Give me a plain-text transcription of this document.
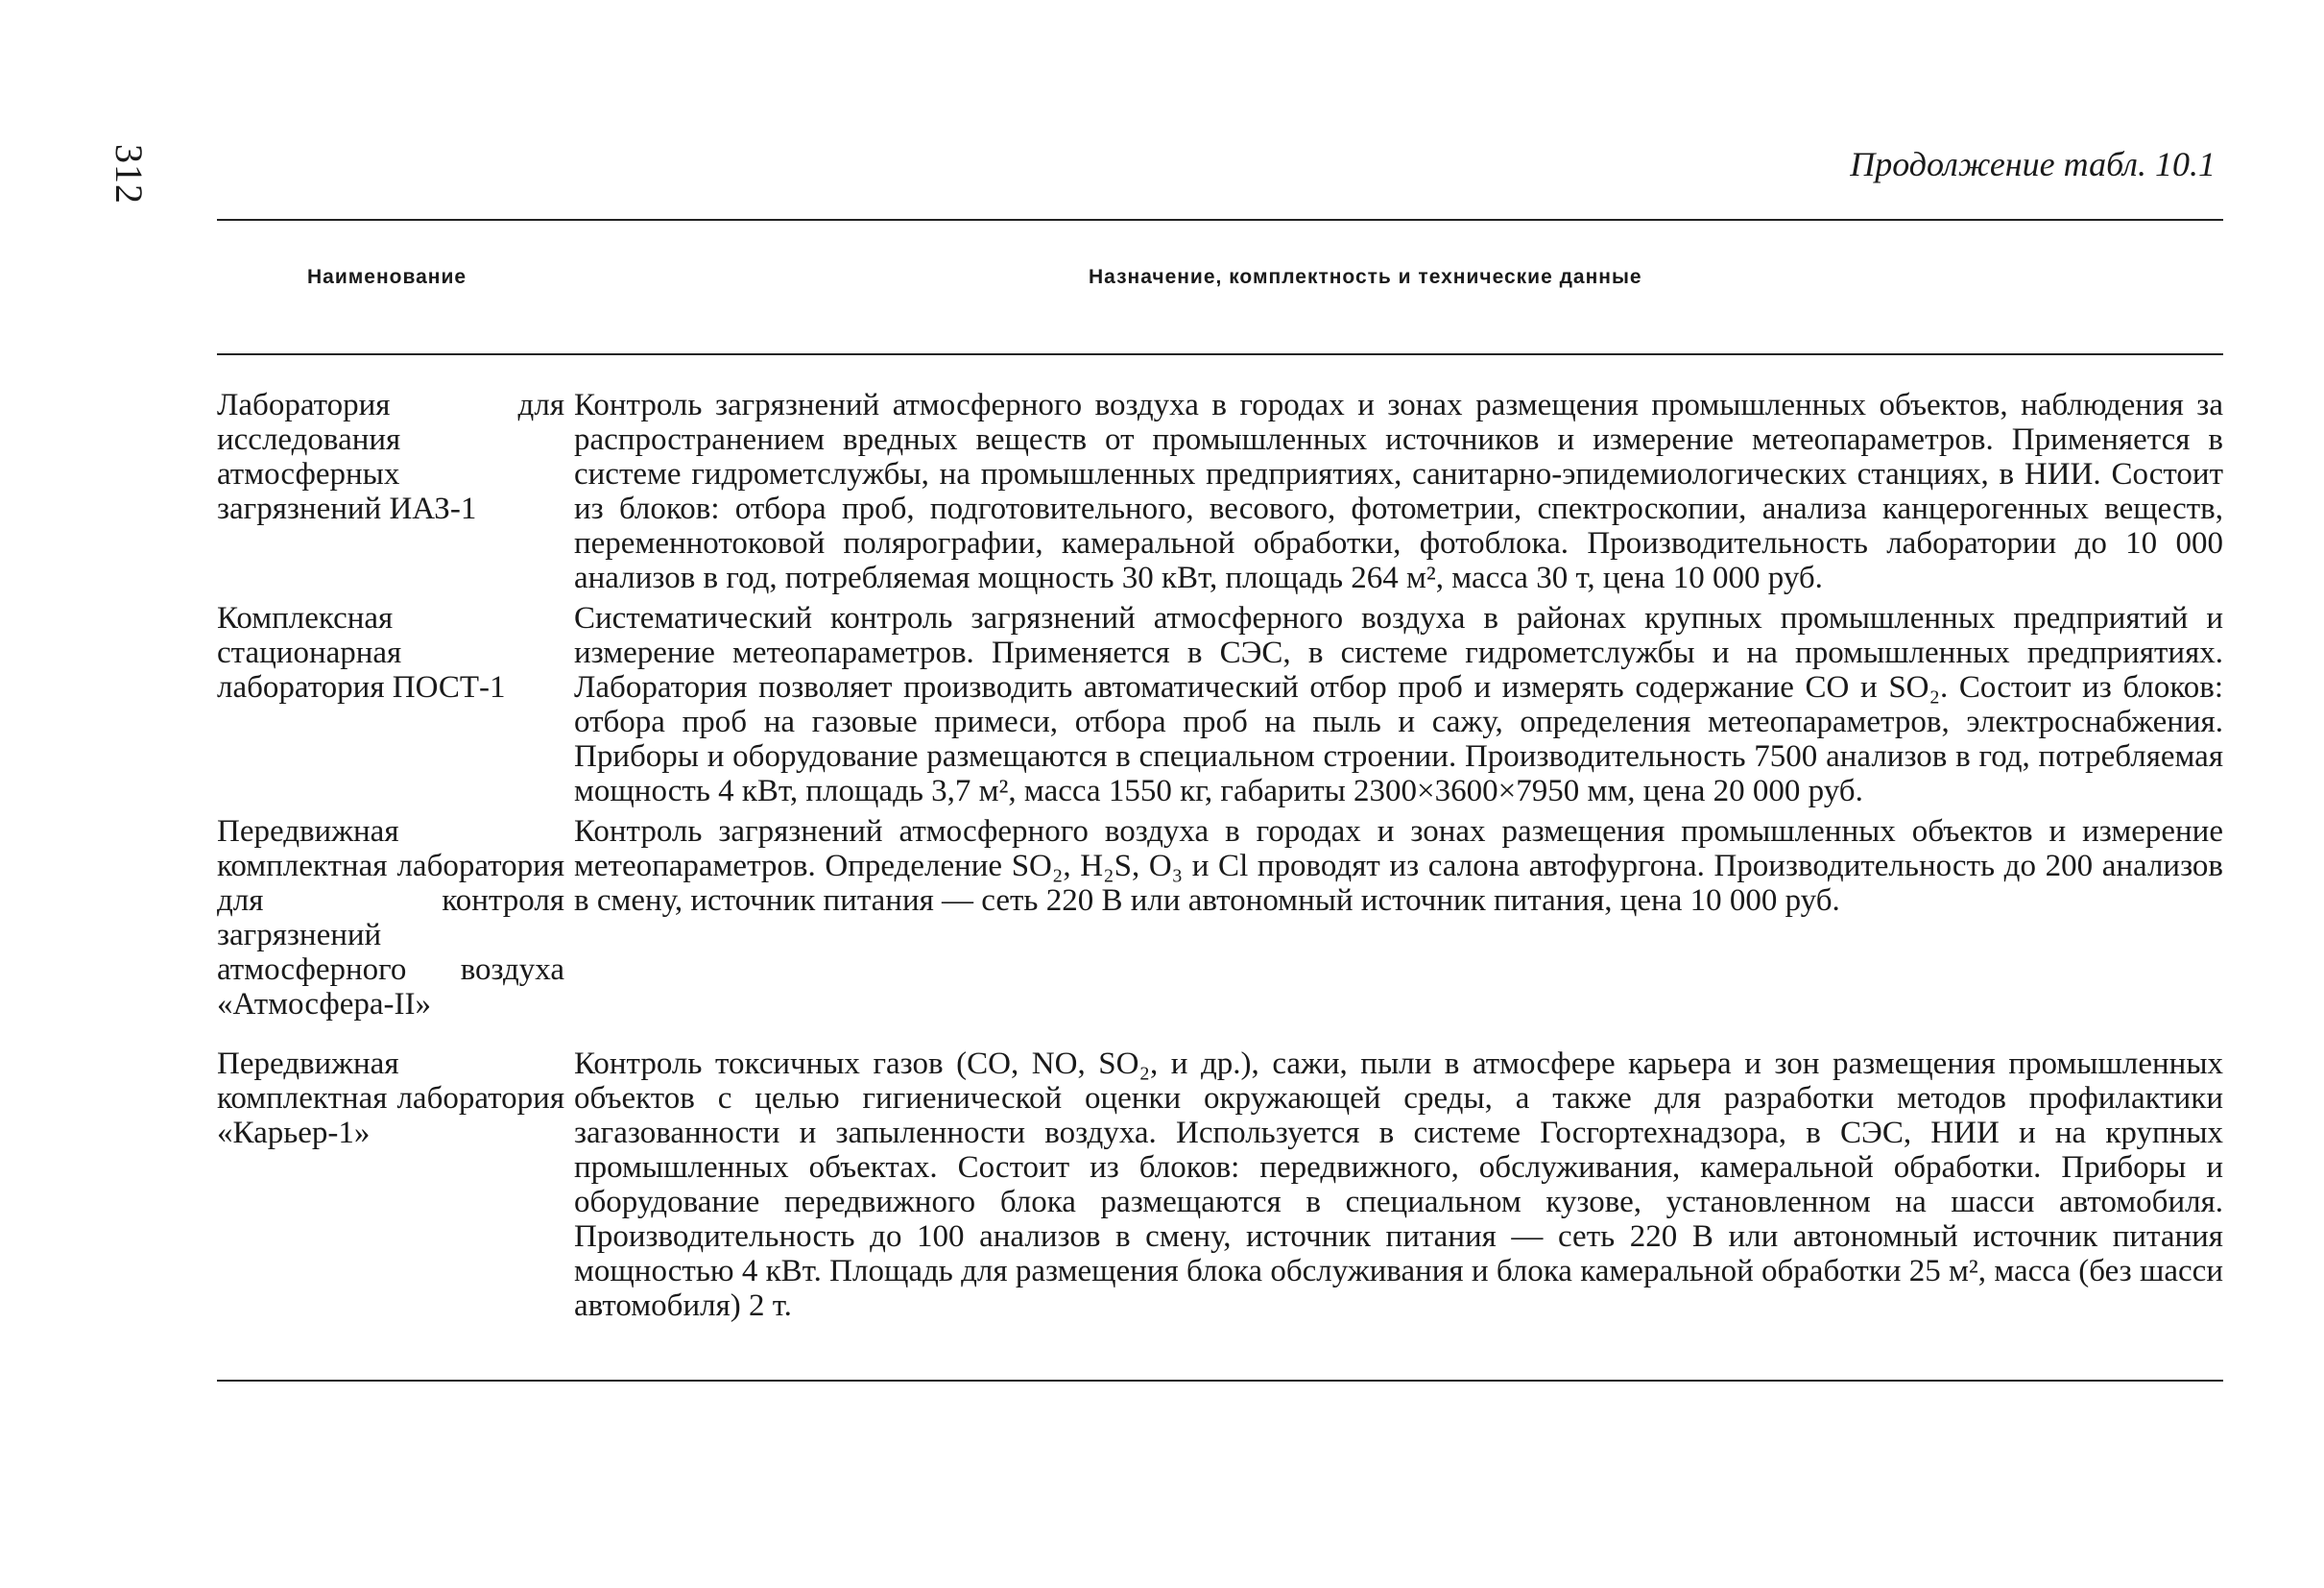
312	Продолжение табл. 10.1
Наименование	Назначение, комплектность и технические данные
Лаборатория для исследования атмосферных загрязнений ИАЗ-1
Контроль загрязнений атмосферного воздуха в городах и зонах размещения промышленных объектов, наблюдения за распространением вредных веществ от промышленных источников и измерение метеопараметров. Применяется в системе гидрометслужбы, на промышленных предприятиях, санитарно-эпидемиологических станциях, в НИИ. Состоит из блоков: отбора проб, подготовительного, весового, фотометрии, спектроскопии, анализа канцерогенных веществ, переменнотоковой полярографии, камеральной обработки, фотоблока. Производительность лаборатории до 10 000 анализов в год, потребляемая мощность 30 кВт, площадь 264 м², масса 30 т, цена 10 000 руб.
Комплексная стационарная лаборатория ПОСТ-1
Систематический контроль загрязнений атмосферного воздуха в районах крупных промышленных предприятий и измерение метеопараметров. Применяется в СЭС, в системе гидрометслужбы и на промышленных предприятиях. Лаборатория позволяет производить автоматический отбор проб и измерять содержание СО и SO₂. Состоит из блоков: отбора проб на газовые примеси, отбора проб на пыль и сажу, определения метеопараметров, электроснабжения. Приборы и оборудование размещаются в специальном строении. Производительность 7500 анализов в год, потребляемая мощность 4 кВт, площадь 3,7 м², масса 1550 кг, габариты 2300×3600×7950 мм, цена 20 000 руб.
Передвижная комплектная лаборатория для контроля загрязнений атмосферного воздуха «Атмосфера-II»
Контроль загрязнений атмосферного воздуха в городах и зонах размещения промышленных объектов и измерение метеопараметров. Определение SO₂, H₂S, O₃ и Cl проводят из салона автофургона. Производительность до 200 анализов в смену, источник питания — сеть 220 В или автономный источник питания, цена 10 000 руб.
Передвижная комплектная лаборатория «Карьер-1»
Контроль токсичных газов (CO, NO, SO₂, и др.), сажи, пыли в атмосфере карьера и зон размещения промышленных объектов с целью гигиенической оценки окружающей среды, а также для разработки методов профилактики загазованности и запыленности воздуха. Используется в системе Госгортехнадзора, в СЭС, НИИ и на крупных промышленных объектах. Состоит из блоков: передвижного, обслуживания, камеральной обработки. Приборы и оборудование передвижного блока размещаются в специальном кузове, установленном на шасси автомобиля. Производительность до 100 анализов в смену, источник питания — сеть 220 В или автономный источник питания мощностью 4 кВт. Площадь для размещения блока обслуживания и блока камеральной обработки 25 м², масса (без шасси автомобиля) 2 т.
